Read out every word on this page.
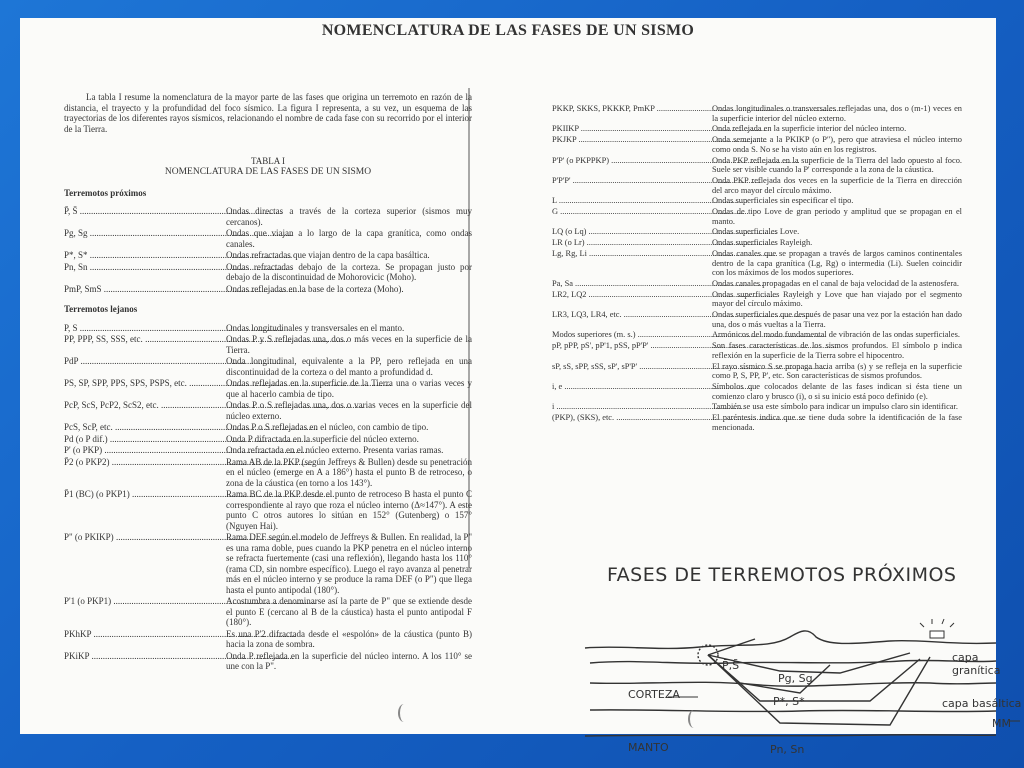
NOMENCLATURA DE LAS FASES DE UN SISMO

La tabla I resume la nomenclatura de la mayor parte de las fases que origina un terremoto en razón de la distancia, el trayecto y la profundidad del foco sísmico. La figura I representa, a su vez, un esquema de las trayectorias de los diferentes rayos sísmicos, relacionando el nombre de cada fase con su recorrido por el interior de la Tierra.

TABLA I

NOMENCLATURA DE LAS FASES DE UN SISMO

Terremotos próximos
P̄, S̄ .....	Ondas directas a través de la corteza superior (sismos muy cercanos).
Pg, Sg .....	Ondas que viajan a lo largo de la capa granítica, como ondas canales.
P*, S* .....	Ondas refractadas que viajan dentro de la capa basáltica.
Pn, Sn .....	Ondas refractadas debajo de la corteza. Se propagan justo por debajo de la discontinuidad de Mohorovicic (Moho).
PmP, SmS .....	Ondas reflejadas en la base de la corteza (Moho).
Terremotos lejanos
P, S .....	Ondas longitudinales y transversales en el manto.
PP, PPP, SS, SSS, etc. .....	Ondas P y S reflejadas una, dos o más veces en la superficie de la Tierra.
PdP .....	Onda longitudinal, equivalente a la PP, pero reflejada en una discontinuidad de la corteza o del manto a profundidad d.
PS, SP, SPP, PPS, SPS, PSPS, etc. .....	Ondas reflejadas en la superficie de la Tierra una o varias veces y que al hacerlo cambia de tipo.
PcP, ScS, PcP2, ScS2, etc. .....	Ondas P o S reflejadas una, dos o varias veces en la superficie del núcleo externo.
PcS, ScP, etc. .....	Ondas P o S reflejadas en el núcleo, con cambio de tipo.
Pd (o P dif.) .....	Onda P difractada en la superficie del núcleo externo.
P' (o PKP) .....	Onda refractada en el núcleo externo. Presenta varias ramas.
P̄2 (o PKP2) .....	Rama AB de la PKP (según Jeffreys & Bullen) desde su penetración en el núcleo (emerge en A a 186°) hasta el punto B de retroceso, o zona de la cáustica (en torno a los 143°).
P̄1 (BC) (o PKP1) .....	Rama BC de la PKP desde el punto de retroceso B hasta el punto C correspondiente al rayo que roza el núcleo interno (Δ≈147°). A este punto C otros autores lo sitúan en 152° (Gutenberg) o 157° (Nguyen Hai).
P" (o PKIKP) .....	Rama DEF según el modelo de Jeffreys & Bullen. En realidad, la P" es una rama doble, pues cuando la PKP penetra en el núcleo interno se refracta fuertemente (casi una reflexión), llegando hasta los 110° (rama CD, sin nombre específico). Luego el rayo avanza al penetrar más en el núcleo interno y se produce la rama DEF (o P") que llega hasta el punto antipodal (180°).
P'1 (o PKP1) .....	Acostumbra a denominarse así la parte de P" que se extiende desde el punto E (cercano al B de la cáustica) hasta el punto antipodal F (180°).
PKhKP .....	Es una P'2 difractada desde el «espolón» de la cáustica (punto B) hacia la zona de sombra.
PKiKP .....	Onda P reflejada en la superficie del núcleo interno. A los 110° se une con la P".
PKKP, SKKS, PKKKP, PmKP .....	Ondas longitudinales o transversales reflejadas una, dos o (m-1) veces en la superficie interior del núcleo externo.
PKIIKP .....	Onda reflejada en la superficie interior del núcleo interno.
PKJKP .....	Onda semejante a la PKIKP (o P"), pero que atraviesa el núcleo interno como onda S. No se ha visto aún en los registros.
P'P' (o PKPPKP) .....	Onda PKP reflejada en la superficie de la Tierra del lado opuesto al foco. Suele ser visible cuando la P' corresponde a la zona de la cáustica.
P'P'P' .....	Onda PKP reflejada dos veces en la superficie de la Tierra en dirección del arco mayor del círculo máximo.
L .....	Ondas superficiales sin especificar el tipo.
G .....	Ondas de tipo Love de gran periodo y amplitud que se propagan en el manto.
LQ (o Lq) .....	Ondas superficiales Love.
LR (o Lr) .....	Ondas superficiales Rayleigh.
Lg, Rg, Li .....	Ondas canales que se propagan a través de largos caminos continentales dentro de la capa granítica (Lg, Rg) o intermedia (Li). Suelen coincidir con los máximos de los modos superiores.
Pa, Sa .....	Ondas canales propagadas en el canal de baja velocidad de la astenosfera.
LR2, LQ2 .....	Ondas superficiales Rayleigh y Love que han viajado por el segmento mayor del círculo máximo.
LR3, LQ3, LR4, etc. .....	Ondas superficiales que después de pasar una vez por la estación han dado una, dos o más vueltas a la Tierra.
Modos superiores (m. s.) .....	Armónicos del modo fundamental de vibración de las ondas superficiales.
pP, pPP, pS', pP'1, pSS, pP'P' .....	Son fases características de los sismos profundos. El símbolo p indica reflexión en la superficie de la Tierra sobre el hipocentro.
sP, sS, sPP, sSS, sP', sP'P' .....	El rayo sísmico S se propaga hacia arriba (s) y se refleja en la superficie como P, S, PP, P', etc. Son características de sismos profundos.
i, e .....	Símbolos que colocados delante de las fases indican si ésta tiene un comienzo claro y brusco (i), o si su inicio está poco definido (e).
i .....	También se usa este símbolo para indicar un impulso claro sin identificar.
(PKP), (SKS), etc. .....	El paréntesis indica que se tiene duda sobre la identificación de la fase mencionada.
FASES DE TERREMOTOS PRÓXIMOS
P̄,S̄
Pg, Sg
P*, S*
Pn, Sn
CORTEZA
MANTO
capa
granítica
capa basáltica
MM
